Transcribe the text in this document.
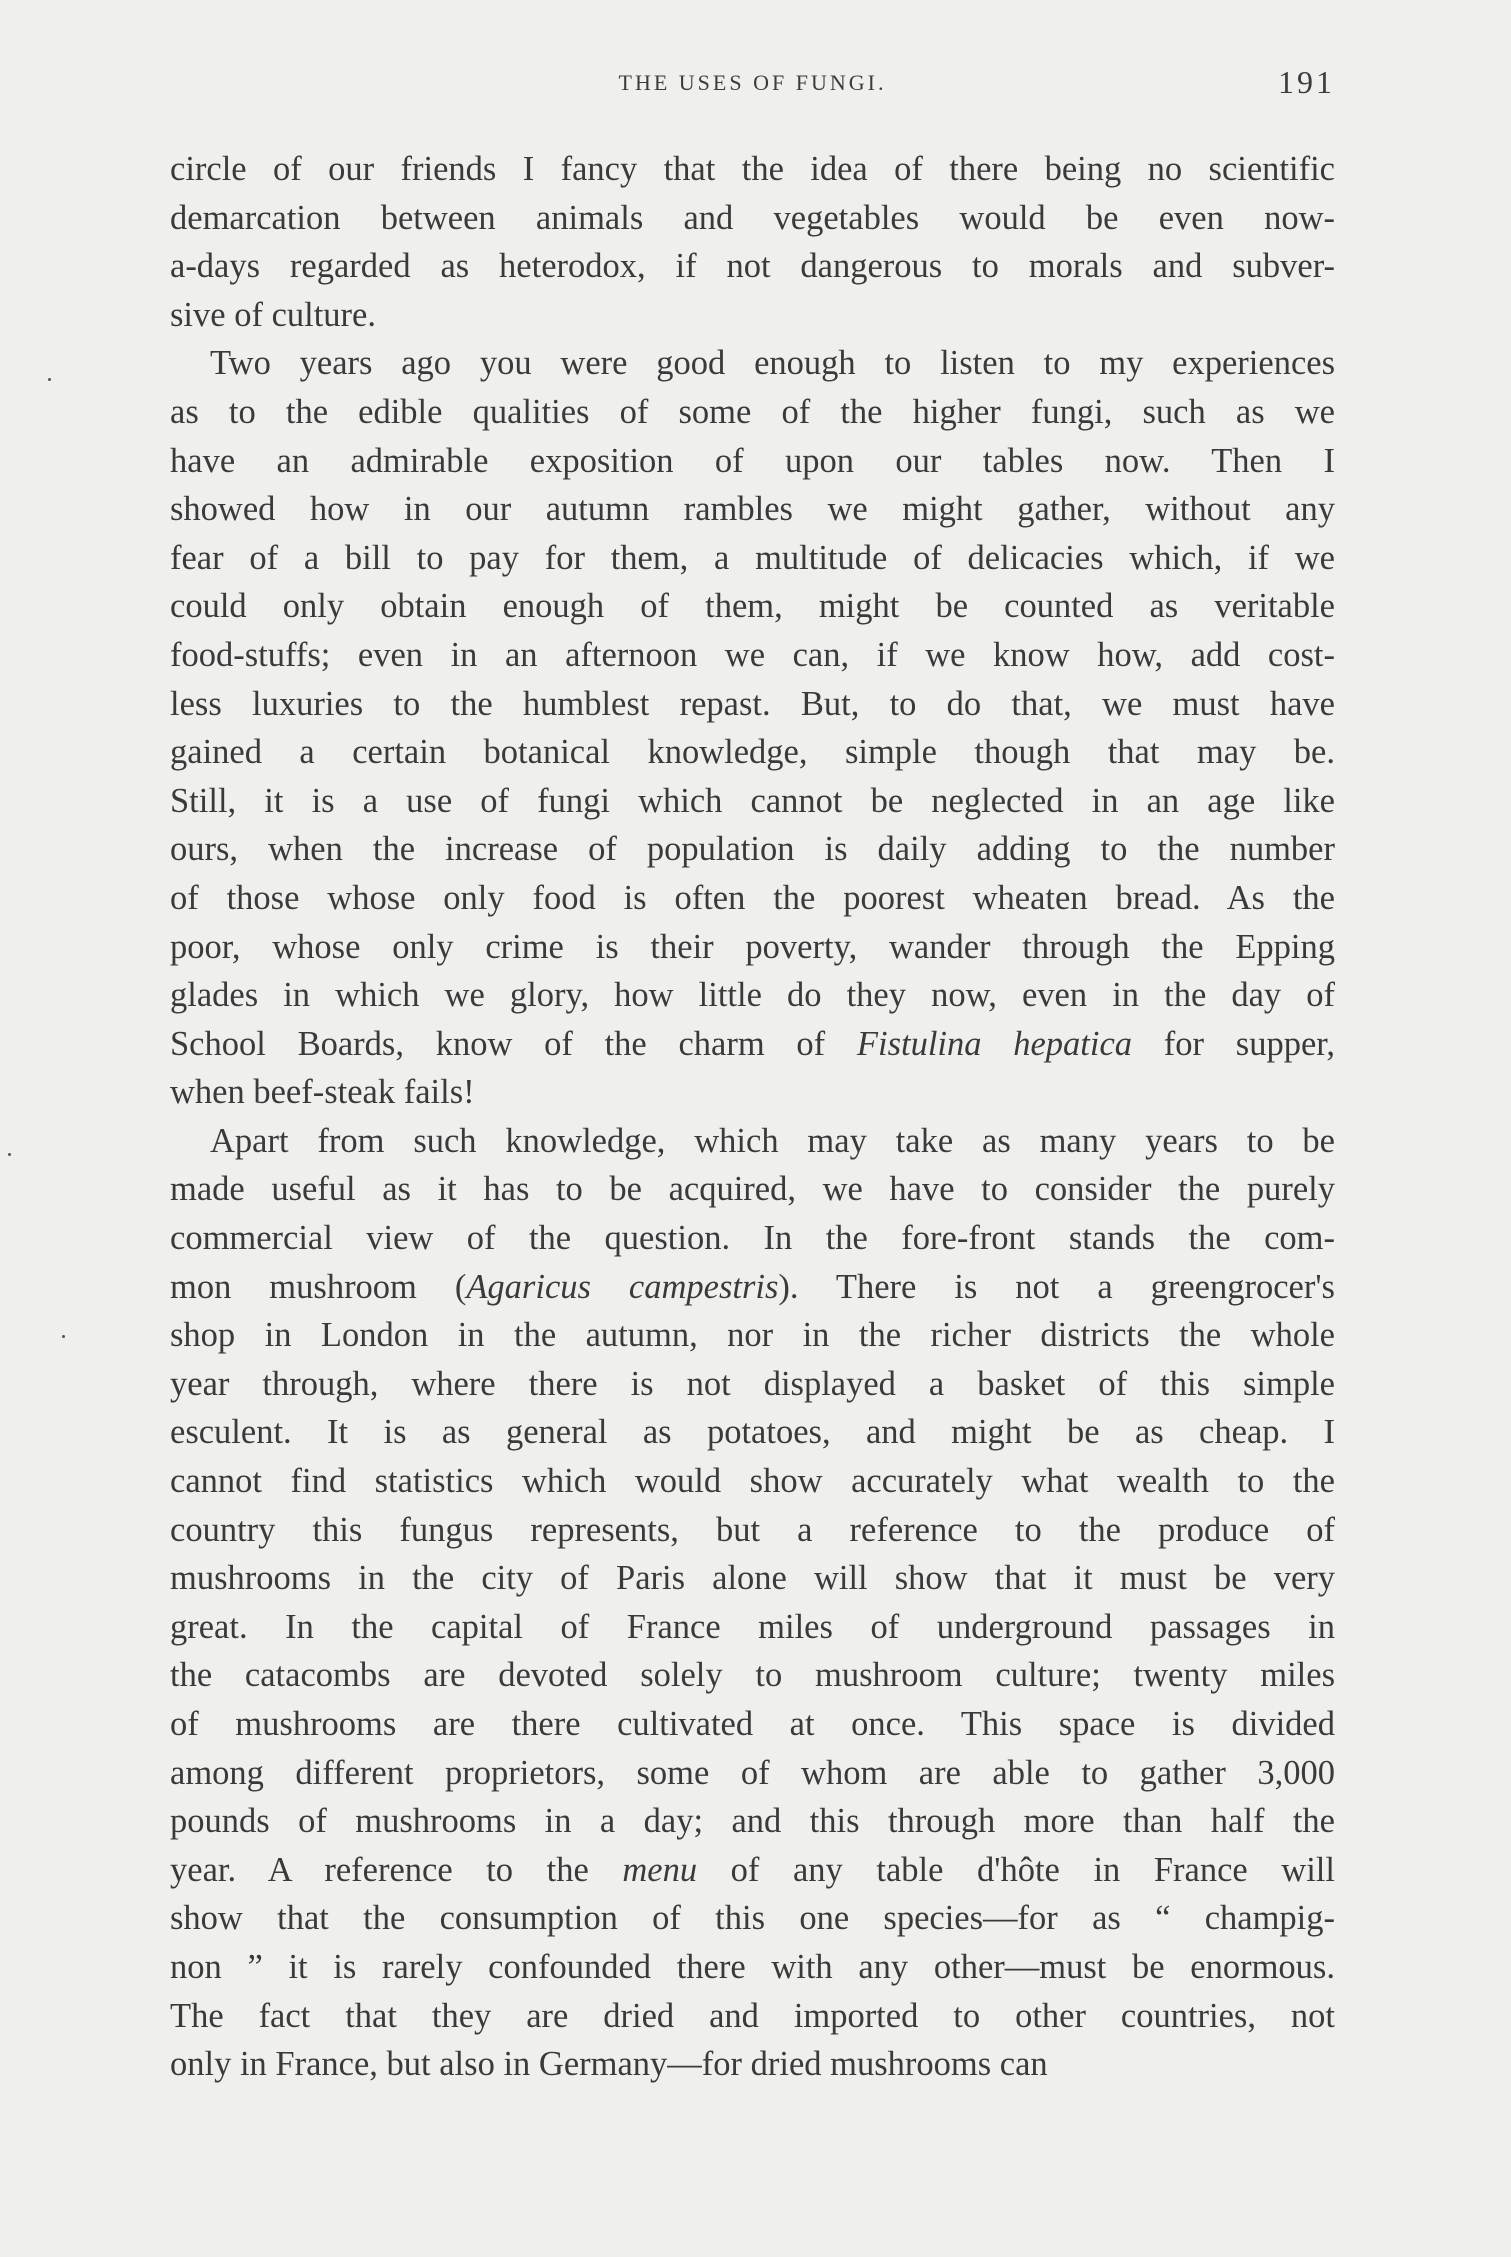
THE USES OF FUNGI.	191
circle of our friends I fancy that the idea of there being no scientific
demarcation between animals and vegetables would be even now-
a-days regarded as heterodox, if not dangerous to morals and subver-
sive of culture.
Two years ago you were good enough to listen to my experiences
as to the edible qualities of some of the higher fungi, such as we
have an admirable exposition of upon our tables now. Then I
showed how in our autumn rambles we might gather, without any
fear of a bill to pay for them, a multitude of delicacies which, if we
could only obtain enough of them, might be counted as veritable
food-stuffs; even in an afternoon we can, if we know how, add cost-
less luxuries to the humblest repast. But, to do that, we must have
gained a certain botanical knowledge, simple though that may be.
Still, it is a use of fungi which cannot be neglected in an age like
ours, when the increase of population is daily adding to the number
of those whose only food is often the poorest wheaten bread. As the
poor, whose only crime is their poverty, wander through the Epping
glades in which we glory, how little do they now, even in the day of
School Boards, know of the charm of Fistulina hepatica for supper,
when beef-steak fails!
Apart from such knowledge, which may take as many years to be
made useful as it has to be acquired, we have to consider the purely
commercial view of the question. In the fore-front stands the com-
mon mushroom (Agaricus campestris). There is not a greengrocer's
shop in London in the autumn, nor in the richer districts the whole
year through, where there is not displayed a basket of this simple
esculent. It is as general as potatoes, and might be as cheap. I
cannot find statistics which would show accurately what wealth to the
country this fungus represents, but a reference to the produce of
mushrooms in the city of Paris alone will show that it must be very
great. In the capital of France miles of underground passages in
the catacombs are devoted solely to mushroom culture; twenty miles
of mushrooms are there cultivated at once. This space is divided
among different proprietors, some of whom are able to gather 3,000
pounds of mushrooms in a day; and this through more than half the
year. A reference to the menu of any table d'hôte in France will
show that the consumption of this one species—for as “ champig-
non ” it is rarely confounded there with any other—must be enormous.
The fact that they are dried and imported to other countries, not
only in France, but also in Germany—for dried mushrooms can
